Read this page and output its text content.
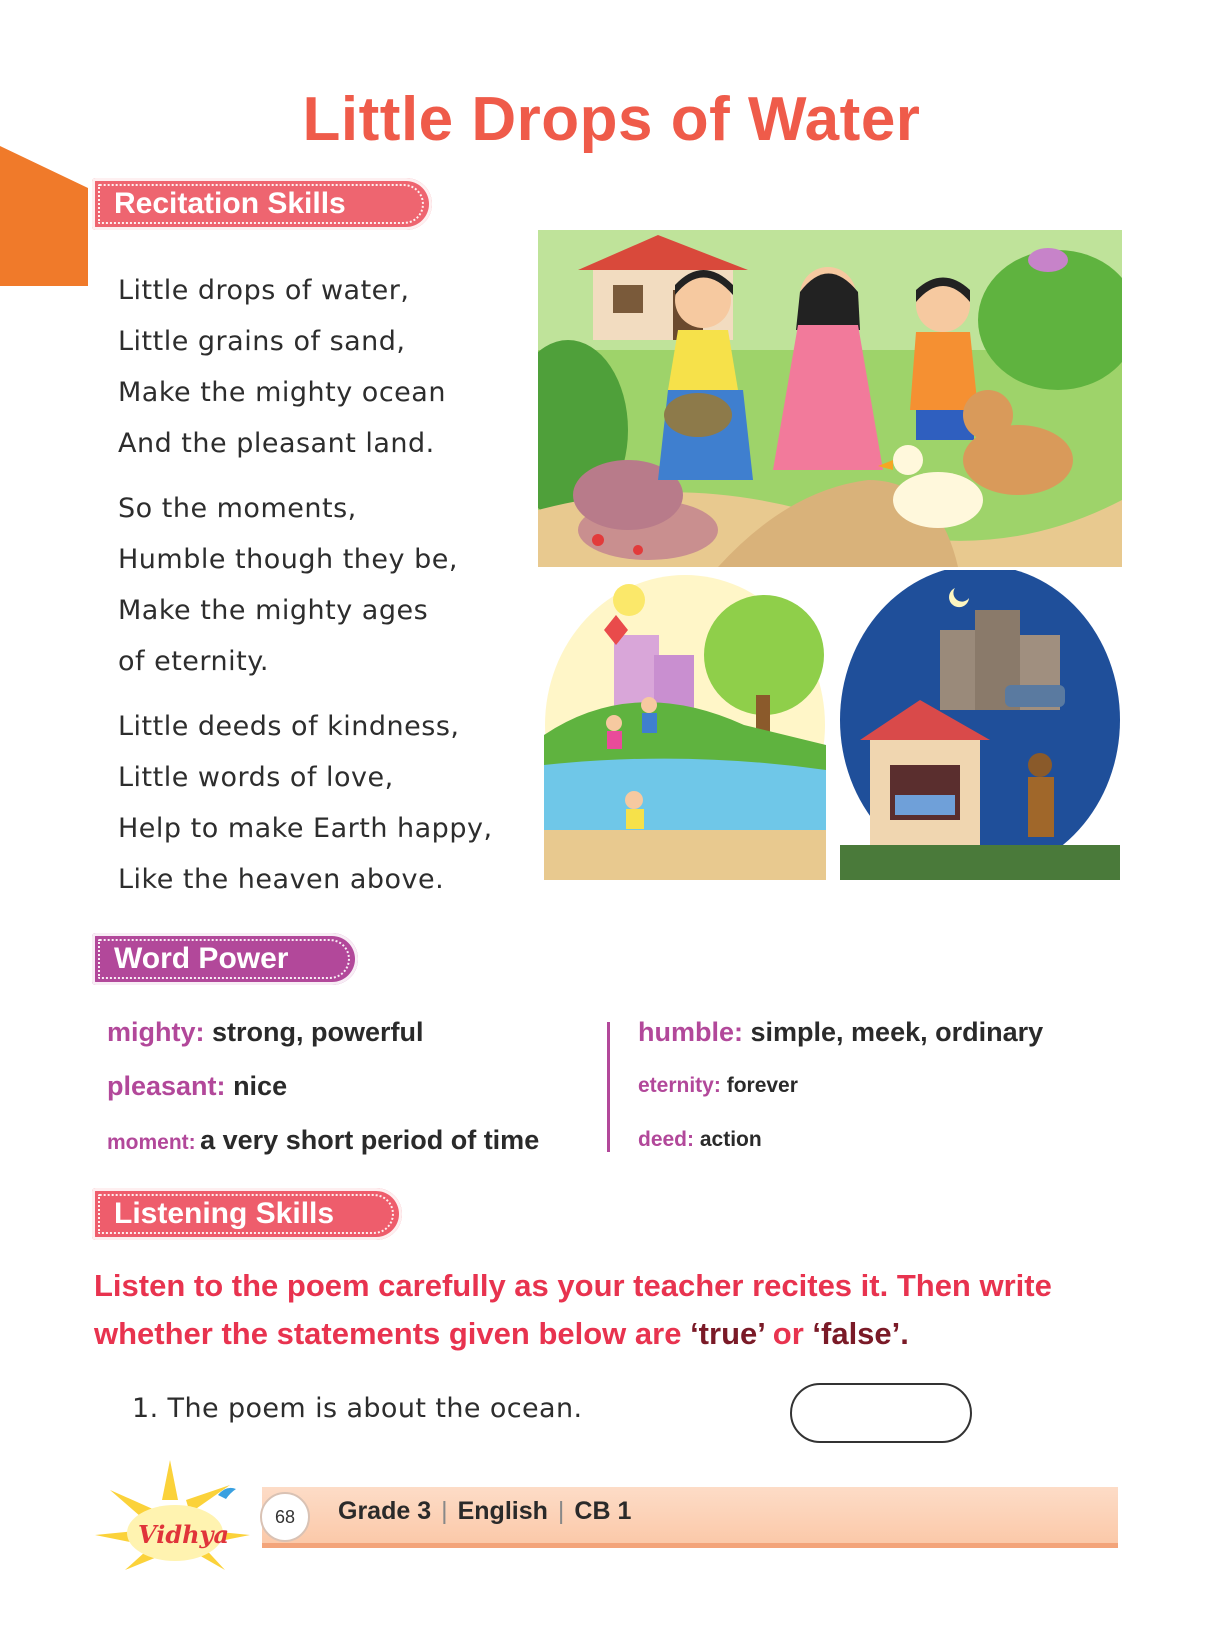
Little Drops of Water
Recitation Skills
Little drops of water,
Little grains of sand,
Make the mighty ocean
And the pleasant land.
So the moments,
Humble though they be,
Make the mighty ages
of eternity.
Little deeds of kindness,
Little words of love,
Help to make Earth happy,
Like the heaven above.
Word Power
mighty: strong, powerful
pleasant: nice
moment: a very short period of time
humble: simple, meek, ordinary
eternity: forever
deed: action
Listening Skills
Listen to the poem carefully as your teacher recites it. Then write whether the statements given below are ‘true’ or ‘false’.
1. The poem is about the ocean.
68	Grade 3 | English | CB 1
Vidhya
